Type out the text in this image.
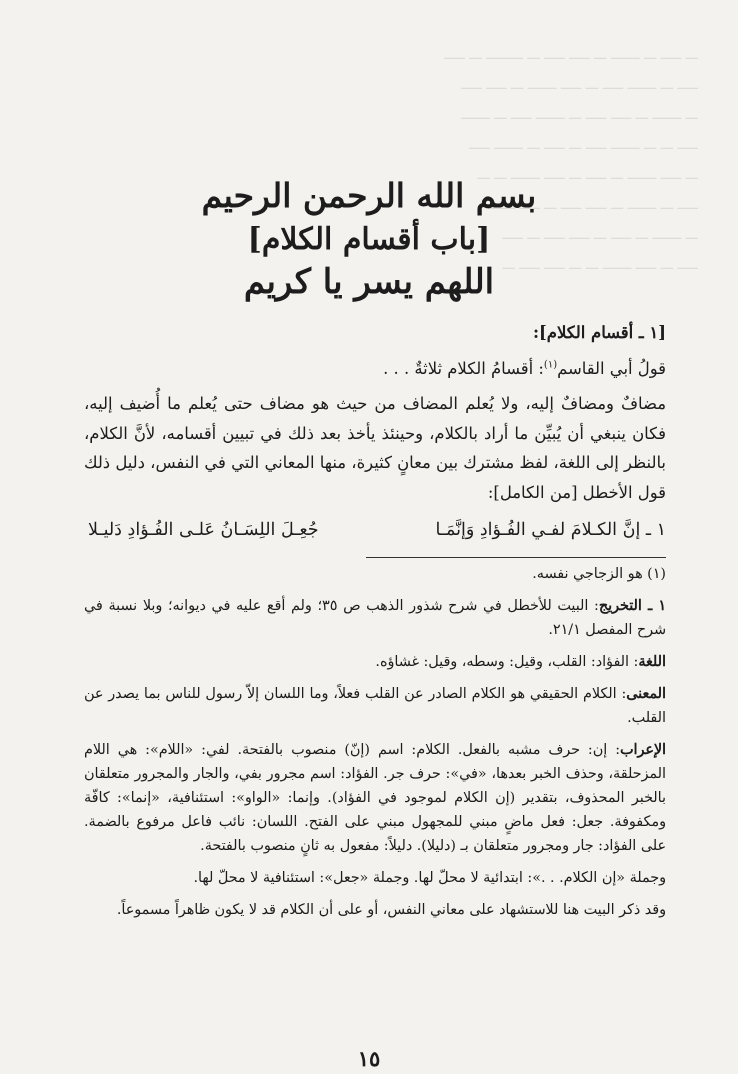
ـــ ـــــ ـــ ـــــــ ـــ ـــــ ـــــ ـــ ـــــــــ ـــ ـــــ
ـــــ ـــ ـــــــ ـــــ ـــ ـــــ ـــــــ ـــ ـــــ ـــــ
ـــ ـــــــ ـــ ـــــ ـــــ ـــ ـــــــ ـــــ ـــ ـــــــ
ـــــ ـــ ـــ ـــــــ ـــــ ـــ ـــــ ـــ ـــــــ ـــــ
ـــ ـــــ ـــــــ ـــ ـــــ ـــ ـــــ ـــــــ ـــ ـــ
ـــــ ـــ ـــــــ ـــ ـــــ ـــــ ـــ ـــــ ـــــــ
ـــ ـــــــ ـــ ـــــ ـــ ـــــ ـــــ ـــ ـــــ
ـــــ ـــ ـــــ ـــــــ ـــ ـــ ـــــ ـــــ ـــ
بسم الله الرحمن الرحيم
[باب أقسام الكلام]
اللهم يسر يا كريم

[١ ـ أقسام الكلام]:

قولُ أبي القاسم$^{(١)}$: أقسامُ الكلام ثلاثةٌ . . .

مضافٌ ومضافٌ إليه، ولا يُعلم المضاف من حيث هو مضاف حتى يُعلم ما أُضيف إليه، فكان ينبغي أن يُبيِّن ما أراد بالكلام، وحينئذ يأخذ بعد ذلك في تبيين أقسامه، لأنَّ الكلام، بالنظر إلى اللغة، لفظ مشترك بين معانٍ كثيرة، منها المعاني التي في النفس، دليل ذلك قول الأخطل [من الكامل]:

١ ـ إنَّ الكـلامَ لفـي الفُـؤادِ وَإنَّمَـا
جُعِـلَ اللِسَـانُ عَلـى الفُـؤادِ دَليـلا

(١) هو الزجاجي نفسه.

١ ـ التخريج: البيت للأخطل في شرح شذور الذهب ص ٣٥؛ ولم أقع عليه في ديوانه؛ وبلا نسبة في شرح المفصل ٢١/١.

اللغة: الفؤاد: القلب، وقيل: وسطه، وقيل: غشاؤه.

المعنى: الكلام الحقيقي هو الكلام الصادر عن القلب فعلاً، وما اللسان إلاّ رسول للناس بما يصدر عن القلب.

الإعراب: إن: حرف مشبه بالفعل. الكلام: اسم (إنّ) منصوب بالفتحة. لفي: «اللام»: هي اللام المزحلقة، وحذف الخبر بعدها، «في»: حرف جر. الفؤاد: اسم مجرور بفي، والجار والمجرور متعلقان بالخبر المحذوف، بتقدير (إن الكلام لموجود في الفؤاد). وإنما: «الواو»: استئنافية، «إنما»: كافّة ومكفوفة. جعل: فعل ماضٍ مبني للمجهول مبني على الفتح. اللسان: نائب فاعل مرفوع بالضمة. على الفؤاد: جار ومجرور متعلقان بـ (دليلا). دليلاً: مفعول به ثانٍ منصوب بالفتحة.

وجملة «إن الكلام. . .»: ابتدائية لا محلّ لها. وجملة «جعل»: استئنافية لا محلّ لها.

وقد ذكر البيت هنا للاستشهاد على معاني النفس، أو على أن الكلام قد لا يكون ظاهراً مسموعاً.

١٥
